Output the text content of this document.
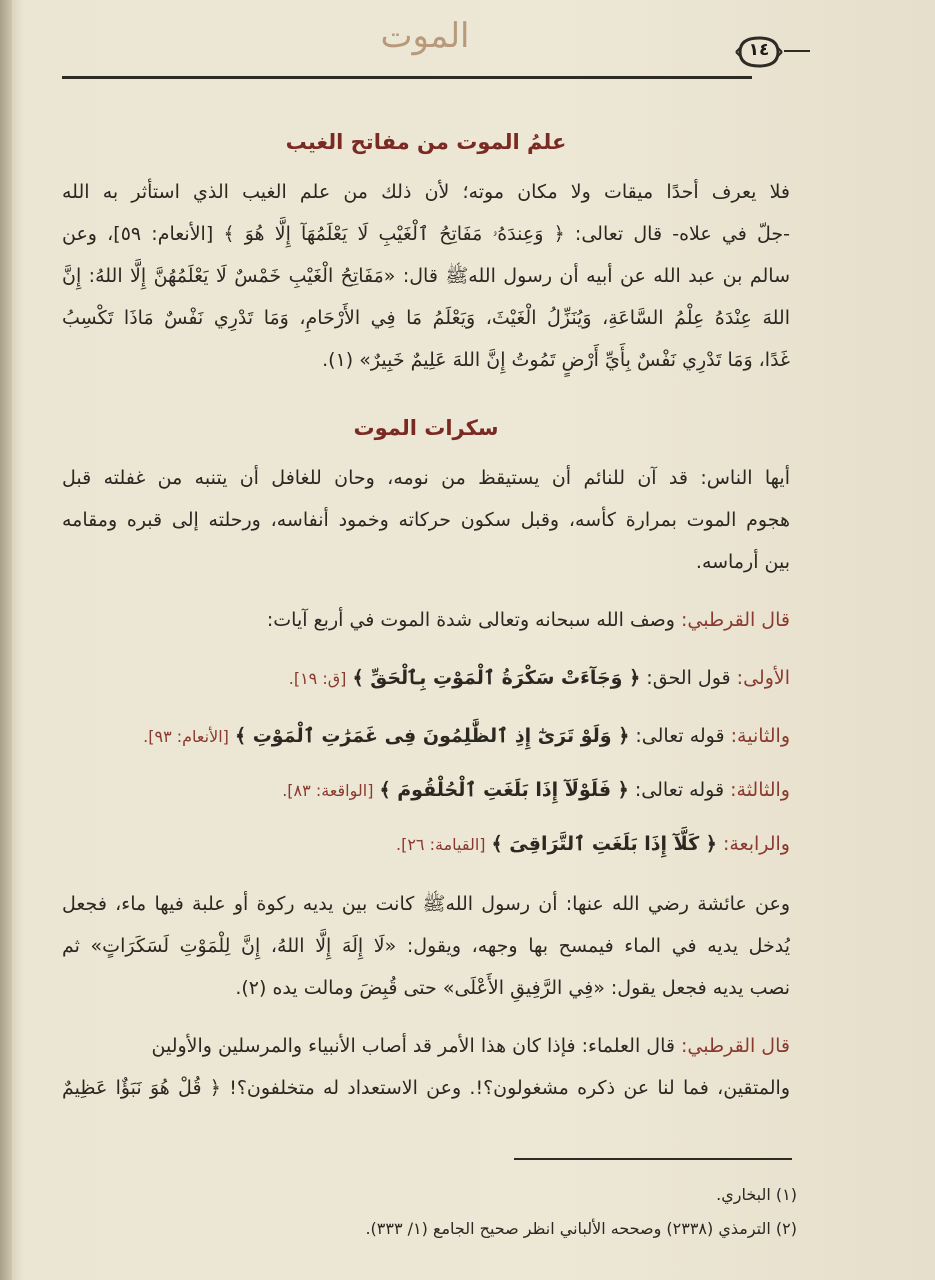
الموت	١٤
علمُ الموت من مفاتح الغيب
فلا يعرف أحدًا ميقات ولا مكان موته؛ لأن ذلك من علم الغيب الذي استأثر به الله
-جلّ في علاه- قال تعالى: ﴿ وَعِندَهُۥ مَفَاتِحُ ٱلْغَيْبِ لَا يَعْلَمُهَآ إِلَّا هُوَ ﴾ [الأنعام: ٥٩]، وعن
سالم بن عبد الله عن أبيه أن رسول اللهﷺ قال: «مَفَاتِحُ الْغَيْبِ خَمْسٌ لَا يَعْلَمُهُنَّ إِلَّا اللهُ: إِنَّ
اللهَ عِنْدَهُ عِلْمُ السَّاعَةِ، وَيُنَزِّلُ الْغَيْثَ، وَيَعْلَمُ مَا فِي الأَرْحَامِ، وَمَا تَدْرِي نَفْسٌ مَاذَا تَكْسِبُ
غَدًا، وَمَا تَدْرِي نَفْسٌ بِأَيِّ أَرْضٍ تَمُوتُ إِنَّ اللهَ عَلِيمٌ خَبِيرٌ» (١).
سكرات الموت
أيها الناس: قد آن للنائم أن يستيقظ من نومه، وحان للغافل أن يتنبه من غفلته قبل
هجوم الموت بمرارة كأسه، وقبل سكون حركاته وخمود أنفاسه، ورحلته إلى قبره ومقامه
بين أرماسه.
قال القرطبي: وصف الله سبحانه وتعالى شدة الموت في أربع آيات:
الأولى: قول الحق: ﴿ وَجَآءَتْ سَكْرَةُ ٱلْمَوْتِ بِٱلْحَقِّ ﴾ [ق: ١٩].
والثانية: قوله تعالى: ﴿ وَلَوْ تَرَىٰٓ إِذِ ٱلظَّٰلِمُونَ فِى غَمَرَٰتِ ٱلْمَوْتِ ﴾ [الأنعام: ٩٣].
والثالثة: قوله تعالى: ﴿ فَلَوْلَآ إِذَا بَلَغَتِ ٱلْحُلْقُومَ ﴾ [الواقعة: ٨٣].
والرابعة: ﴿ كَلَّآ إِذَا بَلَغَتِ ٱلتَّرَاقِىَ ﴾ [القيامة: ٢٦].
وعن عائشة رضي الله عنها: أن رسول اللهﷺ كانت بين يديه ركوة أو علبة فيها ماء، فجعل
يُدخل يديه في الماء فيمسح بها وجهه، ويقول: «لَا إِلَهَ إِلَّا اللهُ، إِنَّ لِلْمَوْتِ لَسَكَرَاتٍ» ثم
نصب يديه فجعل يقول: «فِي الرَّفِيقِ الأَعْلَى» حتى قُبِضَ ومالت يده (٢).
قال القرطبي: قال العلماء: فإذا كان هذا الأمر قد أصاب الأنبياء والمرسلين والأولين
والمتقين، فما لنا عن ذكره مشغولون؟!. وعن الاستعداد له متخلفون؟! ﴿ قُلْ هُوَ نَبَؤٌا عَظِيمٌ
(١) البخاري.
(٢) الترمذي (٢٣٣٨) وصححه الألباني انظر صحيح الجامع (١/ ٣٣٣).
